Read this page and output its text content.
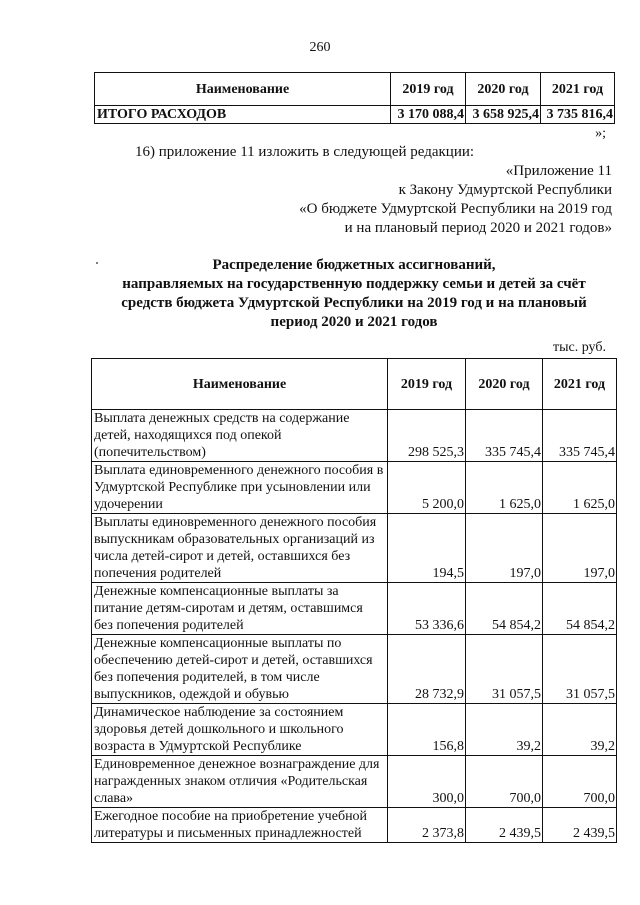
260
Наименование	2019 год	2020 год	2021 год
ИТОГО РАСХОДОВ	3 170 088,4	3 658 925,4	3 735 816,4
»;
16) приложение 11 изложить в следующей редакции:
«Приложение 11
к Закону Удмуртской Республики
«О бюджете Удмуртской Республики на 2019 год
и на плановый период 2020 и 2021 годов»
Распределение бюджетных ассигнований,
направляемых на государственную поддержку семьи и детей за счёт
средств бюджета Удмуртской Республики на 2019 год и на плановый
период 2020 и 2021 годов
тыс. руб.
Наименование	2019 год	2020 год	2021 год
Выплата денежных средств на содержание детей, находящихся под опекой (попечительством)	298 525,3	335 745,4	335 745,4
Выплата единовременного денежного пособия в Удмуртской Республике при усыновлении или удочерении	5 200,0	1 625,0	1 625,0
Выплаты единовременного денежного пособия выпускникам образовательных организаций из числа детей-сирот и детей, оставшихся без попечения родителей	194,5	197,0	197,0
Денежные компенсационные выплаты за питание детям-сиротам и детям, оставшимся без попечения родителей	53 336,6	54 854,2	54 854,2
Денежные компенсационные выплаты по обеспечению детей-сирот и детей, оставшихся без попечения родителей, в том числе выпускников, одеждой и обувью	28 732,9	31 057,5	31 057,5
Динамическое наблюдение за состоянием здоровья детей дошкольного и школьного возраста в Удмуртской Республике	156,8	39,2	39,2
Единовременное денежное вознаграждение для награжденных знаком отличия «Родительская слава»	300,0	700,0	700,0
Ежегодное пособие на приобретение учебной литературы и письменных принадлежностей	2 373,8	2 439,5	2 439,5
